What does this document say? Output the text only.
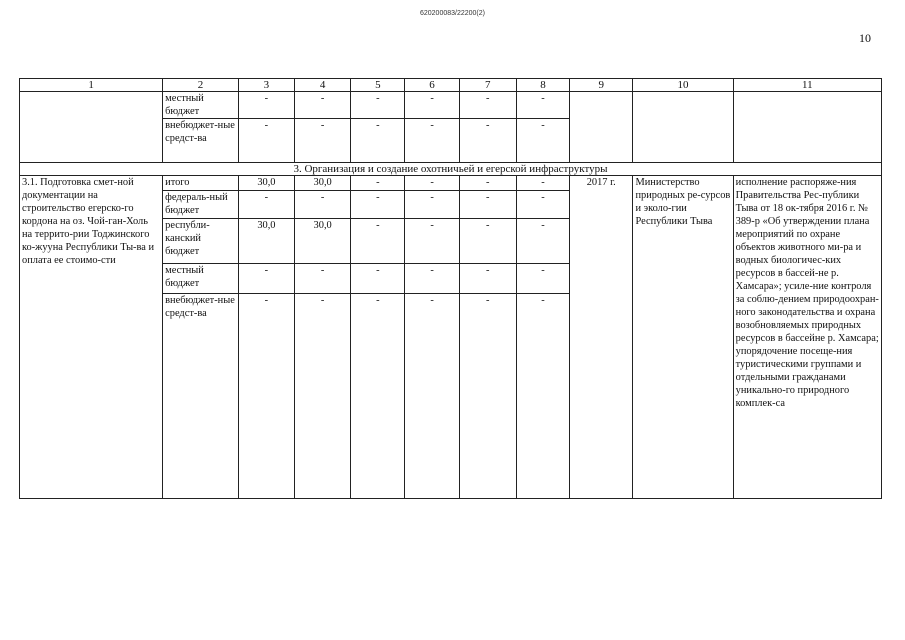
620200083/22200(2)
10
1	2	3	4	5	6	7	8	9	10	11
	местный бюджет	-	-	-	-	-	-			
	внебюджет-ные средст-ва	-	-	-	-	-	-			
3. Организация и создание охотничьей и егерской инфраструктуры										
3.1. Подготовка смет-ной документации на строительство егерско-го кордона на оз. Чой-ган-Холь на террито-рии Тоджинского ко-жууна Республики Ты-ва и оплата ее стоимо-сти	итого	30,0	30,0	-	-	-	-	2017 г.	Министерство природных ре-сурсов и эколо-гии Республики Тыва	исполнение распоряже-ния Правительства Рес-публики Тыва от 18 ок-тября 2016 г. № 389-р «Об утверждении плана мероприятий по охране объектов животного ми-ра и водных биологичес-ких ресурсов в бассей-не р. Хамсара»; усиле-ние контроля за соблю-дением природоохран-ного законодательства и охрана возобновляемых природных ресурсов в бассейне р. Хамсара; упорядочение посеще-ния туристическими группами и отдельными гражданами уникально-го природного комплек-са
	федераль-ный бюджет	-	-	-	-	-	-			
	республи-канский бюджет	30,0	30,0	-	-	-	-			
	местный бюджет	-	-	-	-	-	-			
	внебюджет-ные средст-ва	-	-	-	-	-	-			
